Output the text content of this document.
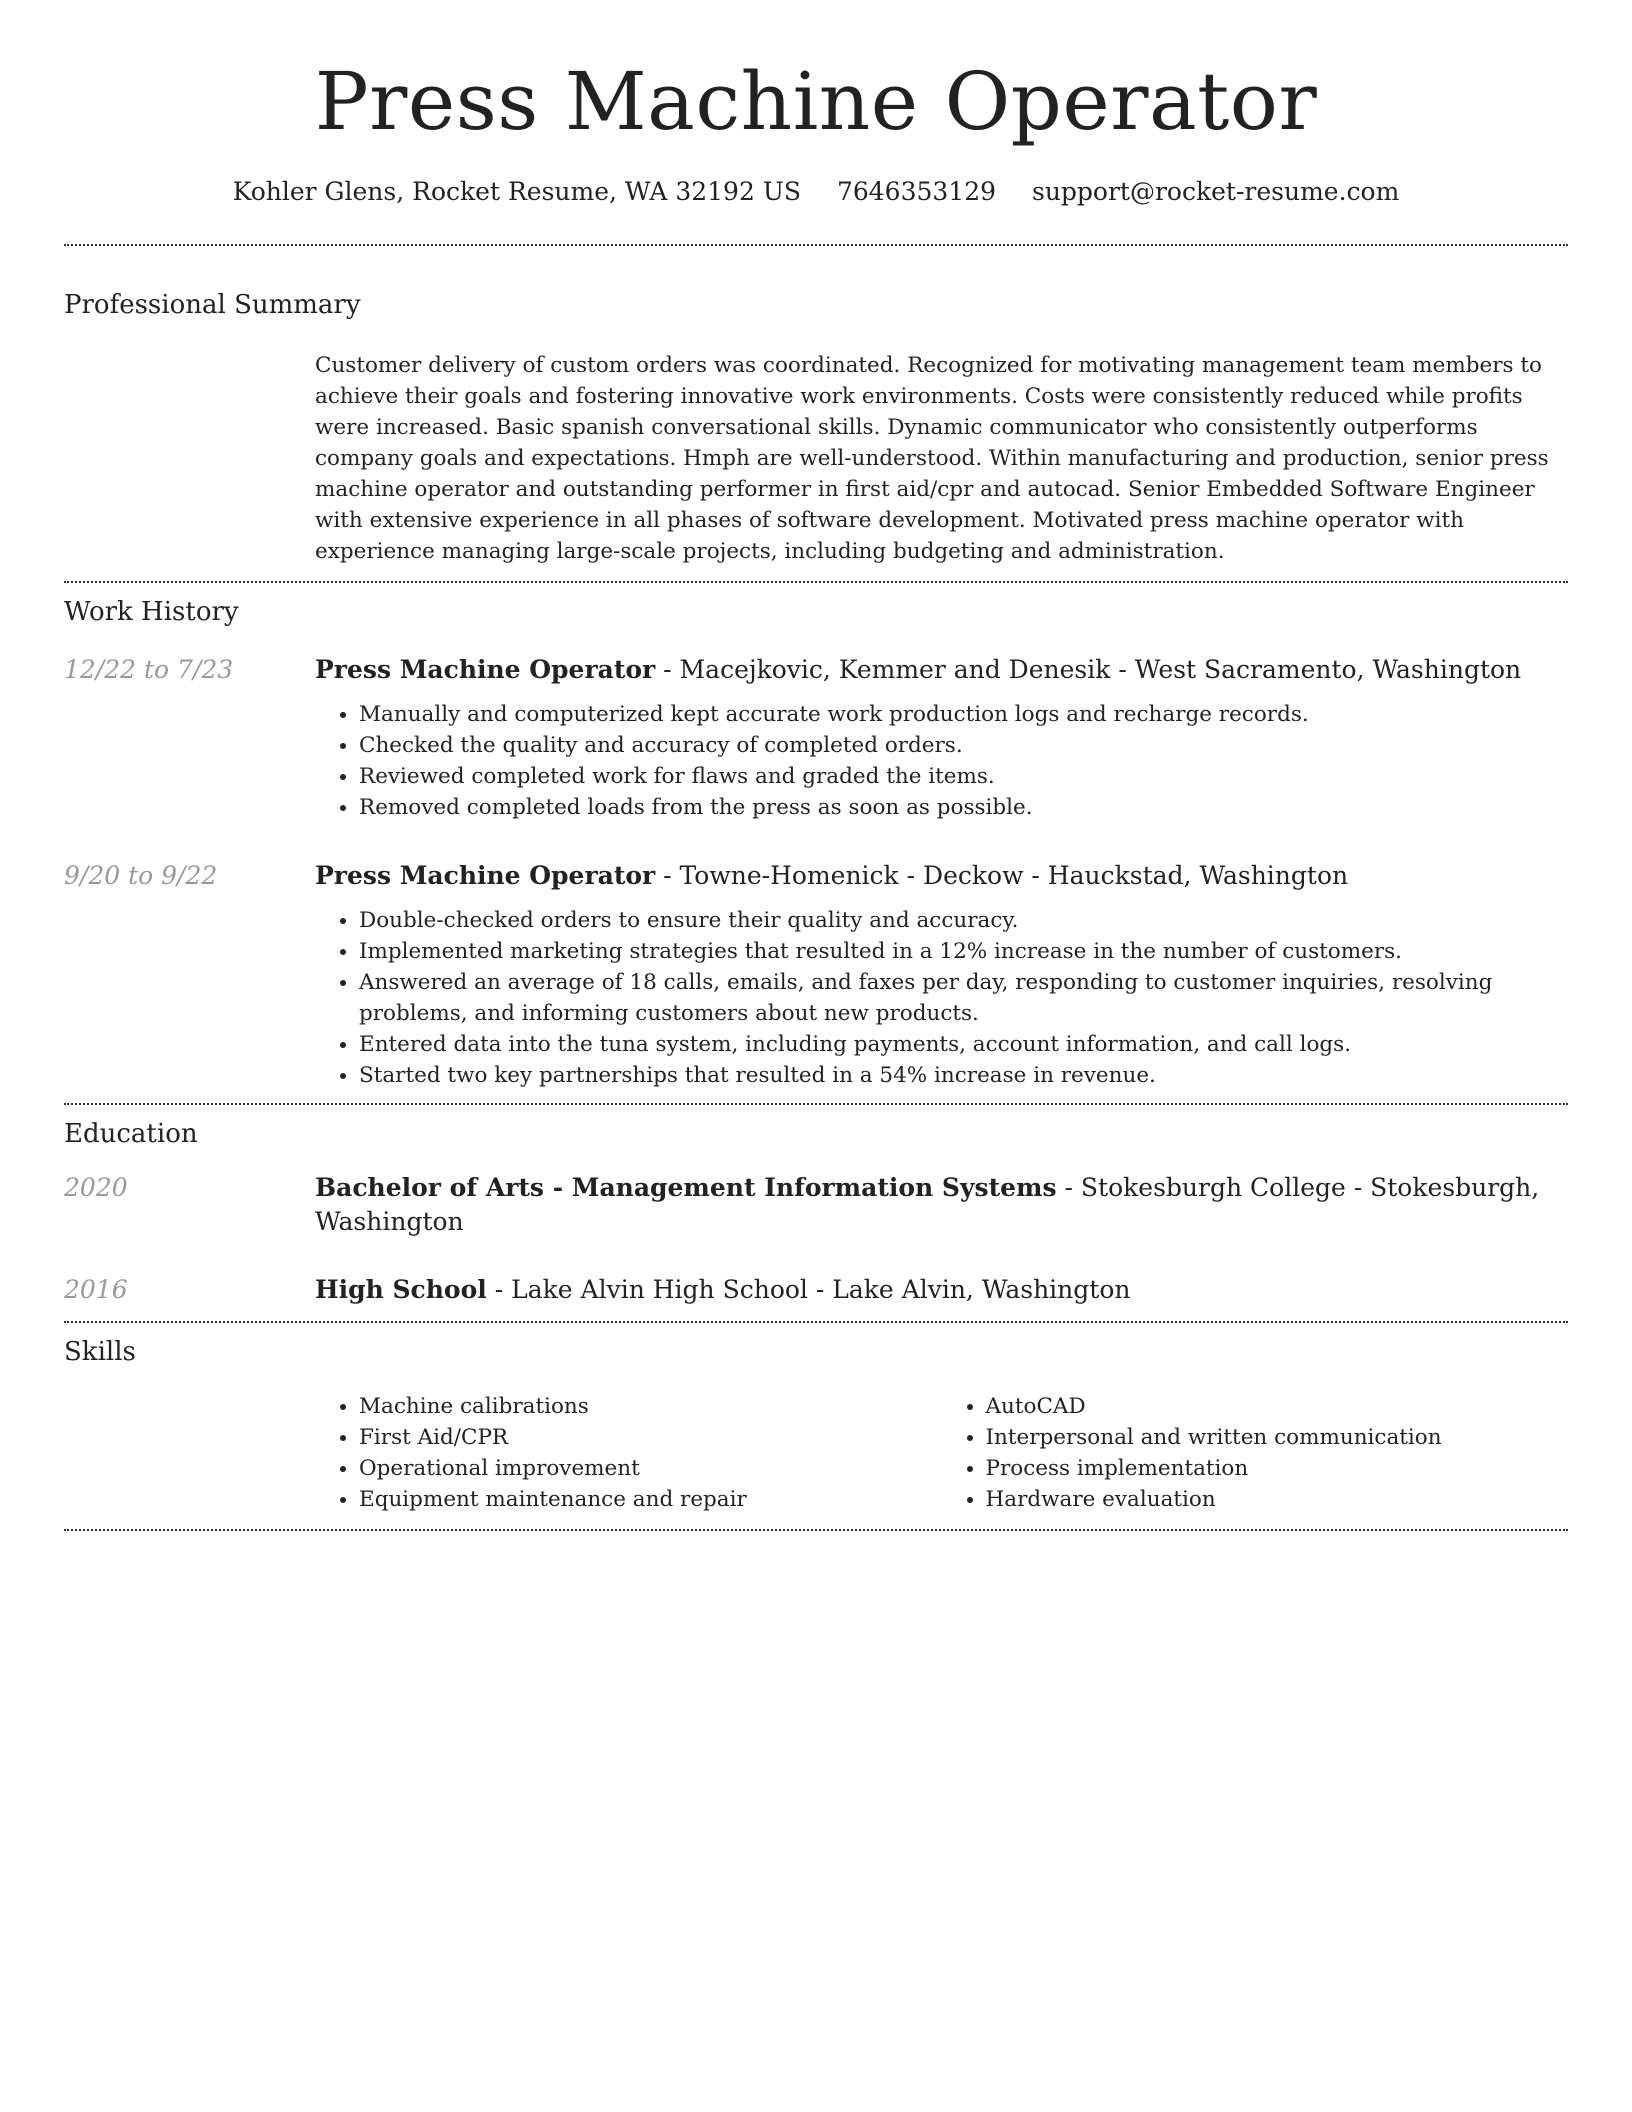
Press Machine Operator
Kohler Glens, Rocket Resume, WA 32192 US 7646353129 support@rocket-resume.com
Professional Summary

Customer delivery of custom orders was coordinated. Recognized for motivating management team members to achieve their goals and fostering innovative work environments. Costs were consistently reduced while profits were increased. Basic spanish conversational skills. Dynamic communicator who consistently outperforms company goals and expectations. Hmph are well-understood. Within manufacturing and production, senior press machine operator and outstanding performer in first aid/cpr and autocad. Senior Embedded Software Engineer with extensive experience in all phases of software development. Motivated press machine operator with experience managing large-scale projects, including budgeting and administration.

Work History
12/22 to 7/23	Press Machine Operator - Macejkovic, Kemmer and Denesik - West Sacramento, Washington
• Manually and computerized kept accurate work production logs and recharge records.
• Checked the quality and accuracy of completed orders.
• Reviewed completed work for flaws and graded the items.
• Removed completed loads from the press as soon as possible.
9/20 to 9/22	Press Machine Operator - Towne-Homenick - Deckow - Hauckstad, Washington
• Double-checked orders to ensure their quality and accuracy.
• Implemented marketing strategies that resulted in a 12% increase in the number of customers.
• Answered an average of 18 calls, emails, and faxes per day, responding to customer inquiries, resolving problems, and informing customers about new products.
• Entered data into the tuna system, including payments, account information, and call logs.
• Started two key partnerships that resulted in a 54% increase in revenue.
Education
2020	Bachelor of Arts - Management Information Systems - Stokesburgh College - Stokesburgh, Washington
2016	High School - Lake Alvin High School - Lake Alvin, Washington
Skills
• Machine calibrations
• First Aid/CPR
• Operational improvement
• Equipment maintenance and repair
• AutoCAD
• Interpersonal and written communication
• Process implementation
• Hardware evaluation
